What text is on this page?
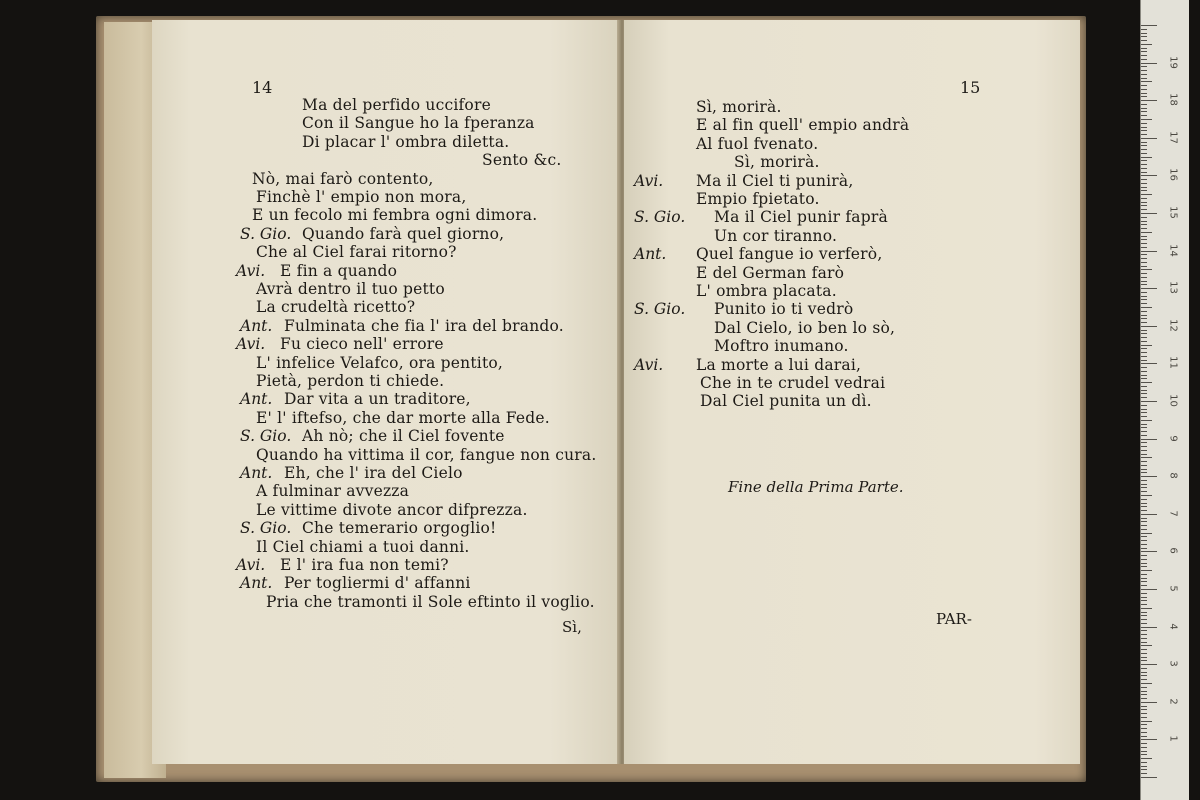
14
Ma del perfido uccifore
Con il Sangue ho la fperanza
Di placar l' ombra diletta.
Sento &c.
Nò, mai farò contento,
Finchè l' empio non mora,
E un fecolo mi fembra ogni dimora.
S. Gio. Quando farà quel giorno,
Che al Ciel farai ritorno?
Avi. E fin a quando
Avrà dentro il tuo petto
La crudeltà ricetto?
Ant. Fulminata che fia l' ira del brando.
Avi. Fu cieco nell' errore
L' infelice Velafco, ora pentito,
Pietà, perdon ti chiede.
Ant. Dar vita a un traditore,
E' l' iftefso, che dar morte alla Fede.
S. Gio. Ah nò; che il Ciel fovente
Quando ha vittima il cor, fangue non cura.
Ant. Eh, che l' ira del Cielo
A fulminar avvezza
Le vittime divote ancor difprezza.
S. Gio. Che temerario orgoglio!
Il Ciel chiami a tuoi danni.
Avi. E l' ira fua non temi?
Ant. Per togliermi d' affanni
Pria che tramonti il Sole eftinto il voglio.
Sì,
15
Sì, morirà.
E al fin quell' empio andrà
Al fuol fvenato.
Sì, morirà.
Avi. Ma il Ciel ti punirà,
Empio fpietato.
S. Gio. Ma il Ciel punir faprà
Un cor tiranno.
Ant. Quel fangue io verferò,
E del German farò
L' ombra placata.
S. Gio. Punito io ti vedrò
Dal Cielo, io ben lo sò,
Moftro inumano.
Avi. La morte a lui darai,
Che in te crudel vedrai
Dal Ciel punita un dì.
Fine della Prima Parte.
PAR-
1
2
3
4
5
6
7
8
9
10
11
12
13
14
15
16
17
18
19
